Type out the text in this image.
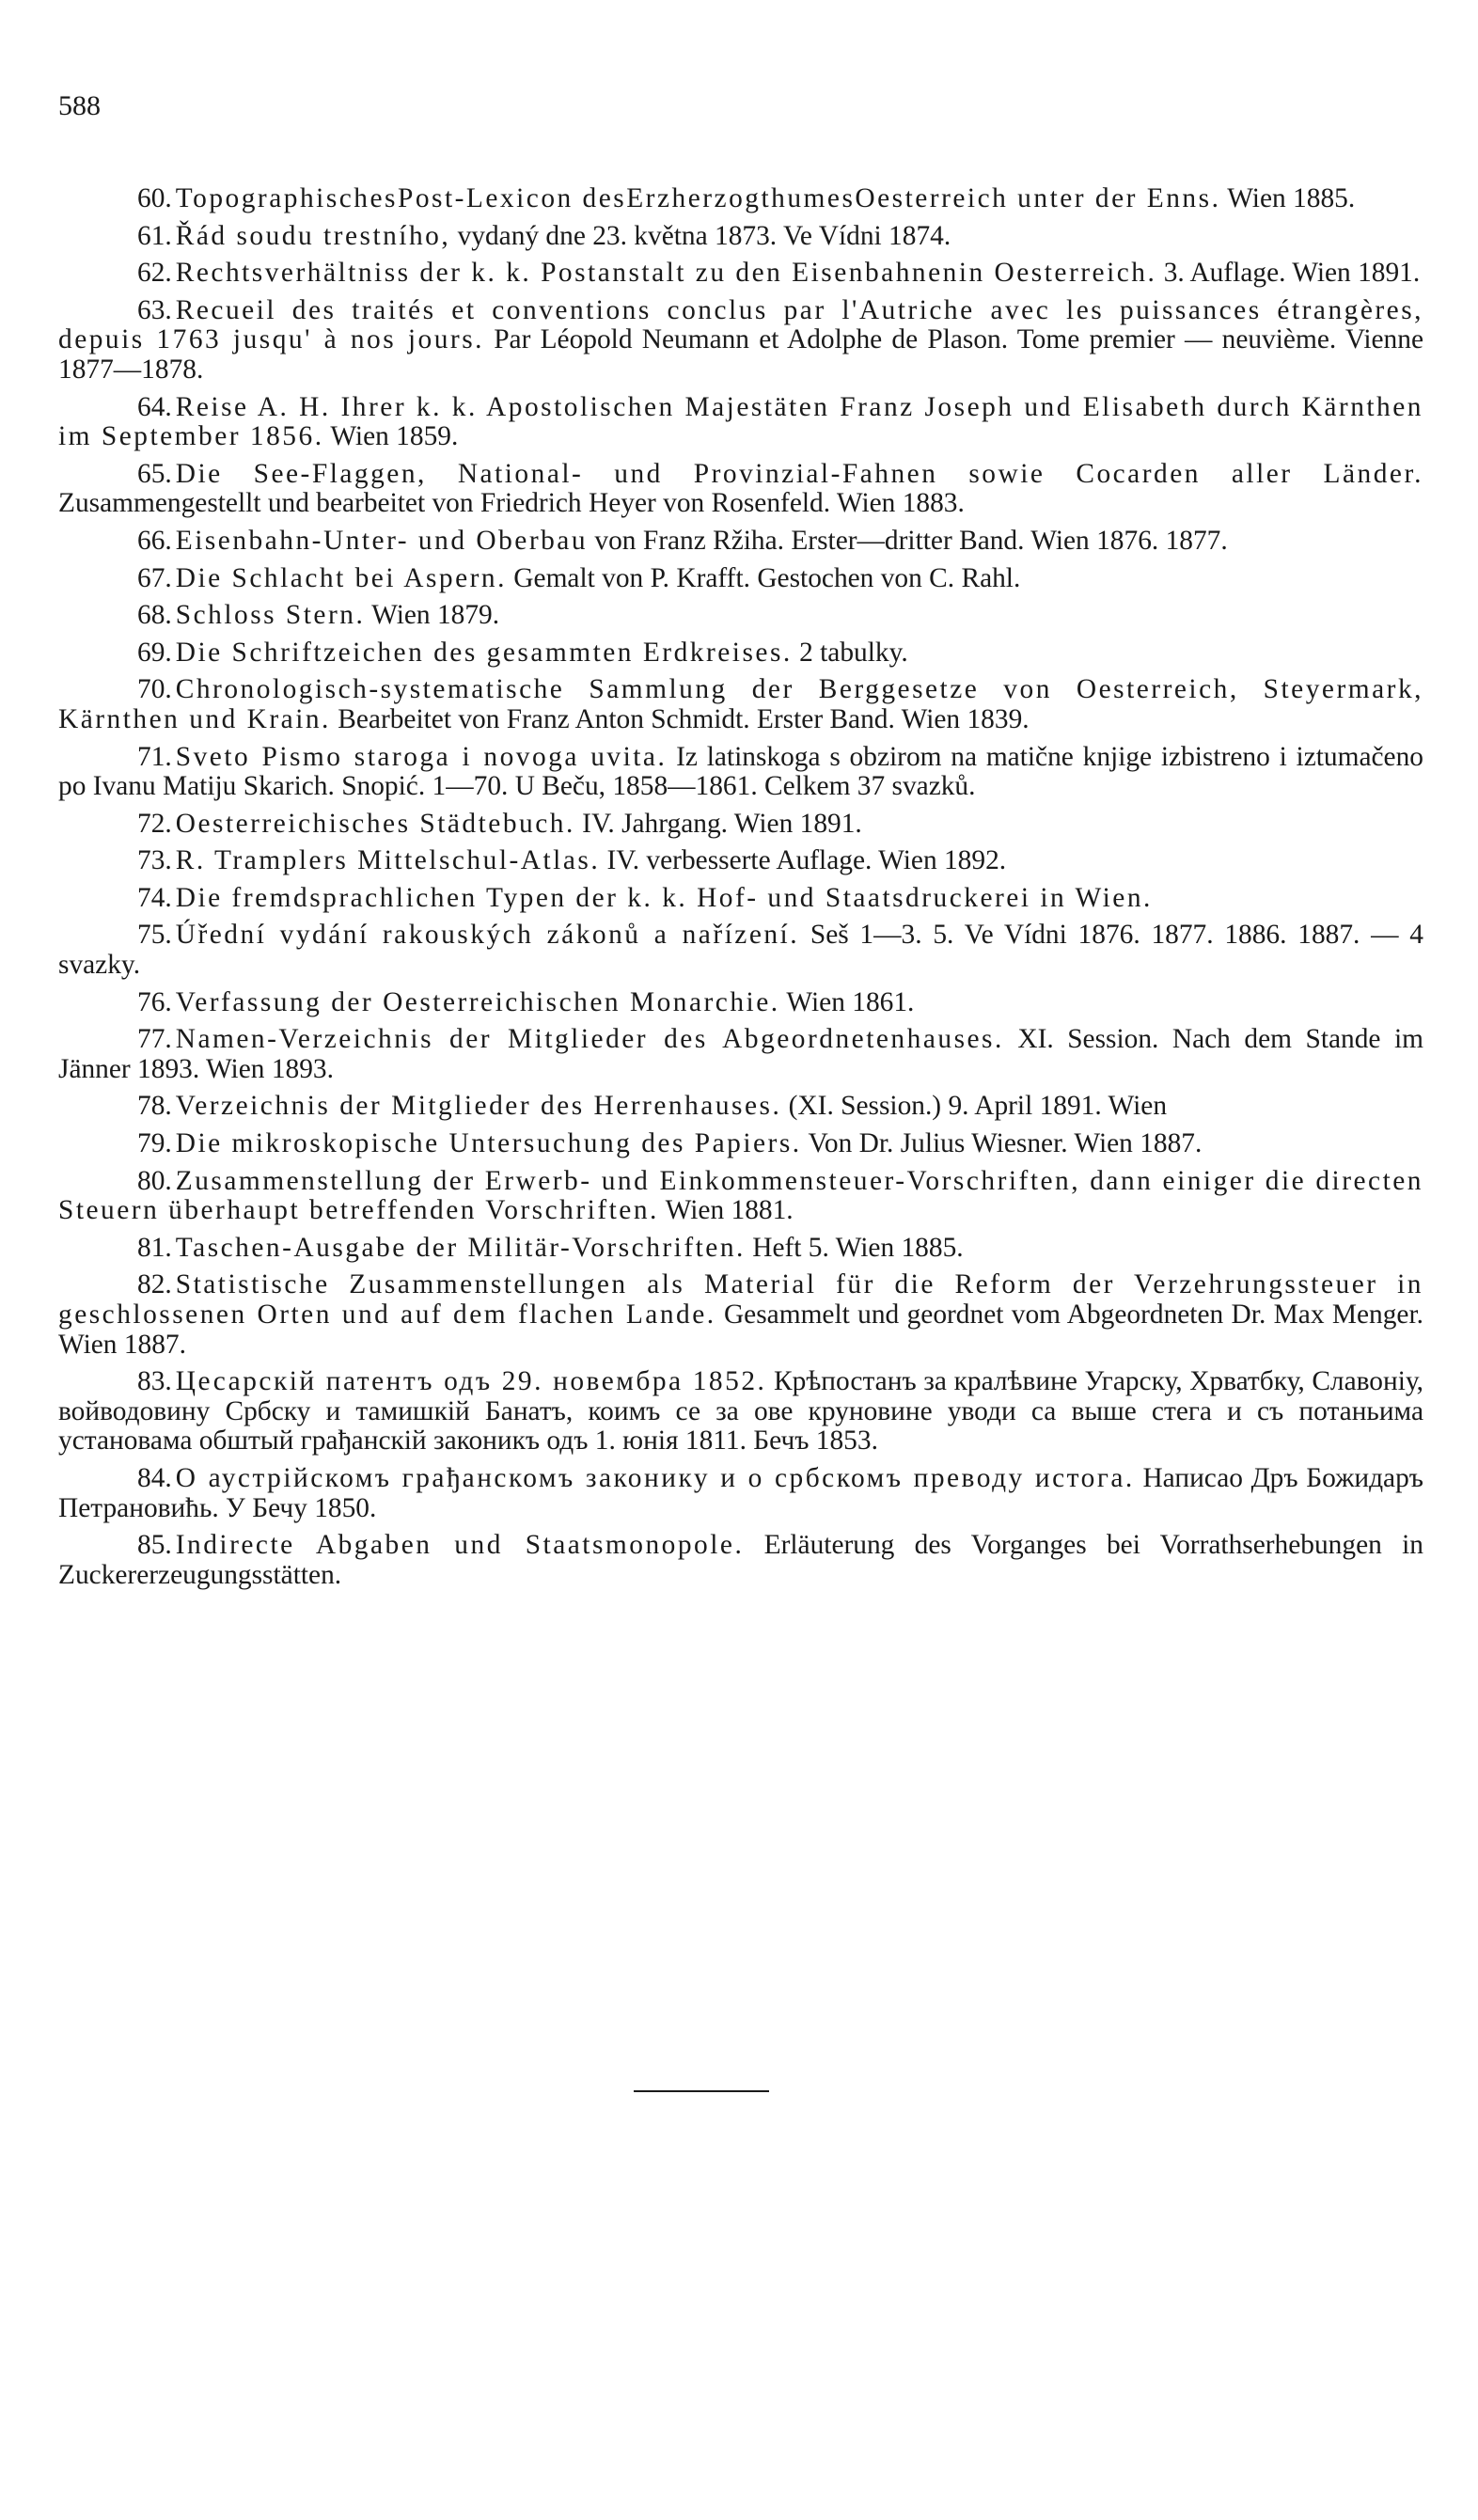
588

60. TopographischesPost-Lexicon desErzherzogthumesOesterreich unter der Enns. Wien 1885.

61. Řád soudu trestního, vydaný dne 23. května 1873. Ve Vídni 1874.

62. Rechtsverhältniss der k. k. Postanstalt zu den Eisenbahnenin Oesterreich. 3. Auflage. Wien 1891.

63. Recueil des traités et conventions conclus par l'Autriche avec les puissances étrangères, depuis 1763 jusqu' à nos jours. Par Léopold Neumann et Adolphe de Plason. Tome premier — neuvième. Vienne 1877—1878.

64. Reise A. H. Ihrer k. k. Apostolischen Majestäten Franz Joseph und Elisabeth durch Kärnthen im September 1856. Wien 1859.

65. Die See-Flaggen, National- und Provinzial-Fahnen sowie Cocarden aller Länder. Zusammengestellt und bearbeitet von Friedrich Heyer von Rosenfeld. Wien 1883.

66. Eisenbahn-Unter- und Oberbau von Franz Ržiha. Erster—dritter Band. Wien 1876. 1877.

67. Die Schlacht bei Aspern. Gemalt von P. Krafft. Gestochen von C. Rahl.

68. Schloss Stern. Wien 1879.

69. Die Schriftzeichen des gesammten Erdkreises. 2 tabulky.

70. Chronologisch-systematische Sammlung der Berggesetze von Oesterreich, Steyermark, Kärnthen und Krain. Bearbeitet von Franz Anton Schmidt. Erster Band. Wien 1839.

71. Sveto Pismo staroga i novoga uvita. Iz latinskoga s obzirom na matične knjige izbistreno i iztumačeno po Ivanu Matiju Skarich. Snopić. 1—70. U Beču, 1858—1861. Celkem 37 svazků.

72. Oesterreichisches Städtebuch. IV. Jahrgang. Wien 1891.

73. R. Tramplers Mittelschul-Atlas. IV. verbesserte Auflage. Wien 1892.

74. Die fremdsprachlichen Typen der k. k. Hof- und Staatsdruckerei in Wien.

75. Úřední vydání rakouských zákonů a nařízení. Seš 1—3. 5. Ve Vídni 1876. 1877. 1886. 1887. — 4 svazky.

76. Verfassung der Oesterreichischen Monarchie. Wien 1861.

77. Namen-Verzeichnis der Mitglieder des Abgeordnetenhauses. XI. Session. Nach dem Stande im Jänner 1893. Wien 1893.

78. Verzeichnis der Mitglieder des Herrenhauses. (XI. Session.) 9. April 1891. Wien

79. Die mikroskopische Untersuchung des Papiers. Von Dr. Julius Wiesner. Wien 1887.

80. Zusammenstellung der Erwerb- und Einkommensteuer-Vorschriften, dann einiger die directen Steuern überhaupt betreffenden Vorschriften. Wien 1881.

81. Taschen-Ausgabe der Militär-Vorschriften. Heft 5. Wien 1885.

82. Statistische Zusammenstellungen als Material für die Reform der Verzehrungssteuer in geschlossenen Orten und auf dem flachen Lande. Gesammelt und geordnet vom Abgeordneten Dr. Max Menger. Wien 1887.

83. Цесарскій патентъ одъ 29. новембра 1852. Крѣпостанъ за кралѣвине Угарску, Хрватбку, Славоніу, войводовину Србску и тамишкій Банатъ, коимъ се за ове круновине уводи са выше стега и съ потаньима установама обштый грађанскій законикъ одъ 1. юнія 1811. Бечъ 1853.

84. О аустрійскомъ грађанскомъ законику и о србскомъ преводу истога. Написао Дръ Божидаръ Петрановићь. У Бечу 1850.

85. Indirecte Abgaben und Staatsmonopole. Erläuterung des Vorganges bei Vorrathserhebungen in Zuckererzeugungsstätten.
